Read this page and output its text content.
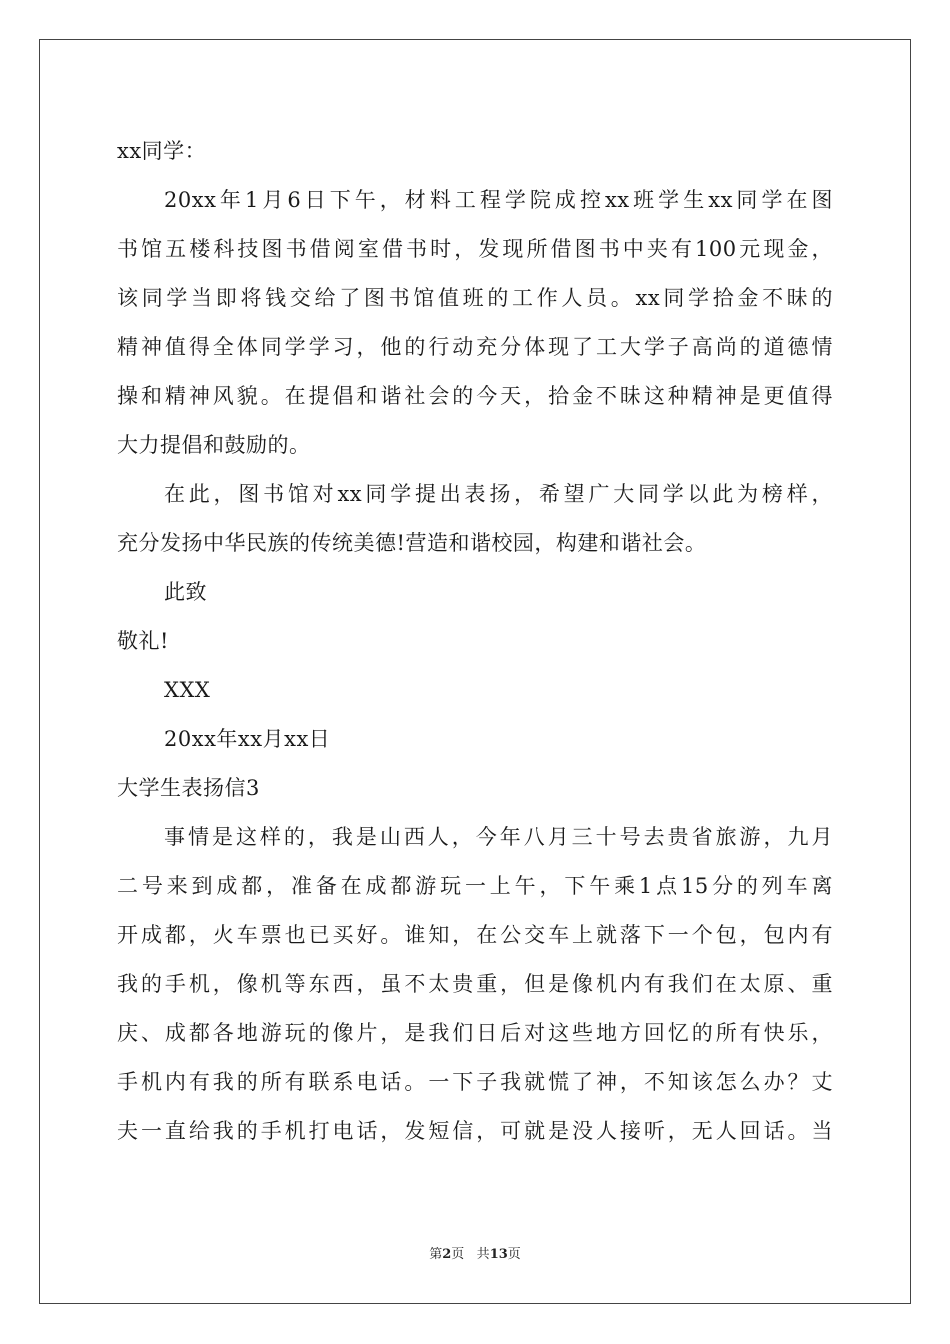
xx同学：
20xx年1月6日下午，材料工程学院成控xx班学生xx同学在图
书馆五楼科技图书借阅室借书时，发现所借图书中夹有100元现金，
该同学当即将钱交给了图书馆值班的工作人员。xx同学拾金不昧的
精神值得全体同学学习，他的行动充分体现了工大学子高尚的道德情
操和精神风貌。在提倡和谐社会的今天，拾金不昧这种精神是更值得
大力提倡和鼓励的。
在此，图书馆对xx同学提出表扬，希望广大同学以此为榜样，
充分发扬中华民族的传统美德!营造和谐校园，构建和谐社会。
此致
敬礼!
XXX
20xx年xx月xx日
大学生表扬信3
事情是这样的，我是山西人，今年八月三十号去贵省旅游，九月
二号来到成都，准备在成都游玩一上午，下午乘1点15分的列车离
开成都，火车票也已买好。谁知，在公交车上就落下一个包，包内有
我的手机，像机等东西，虽不太贵重，但是像机内有我们在太原、重
庆、成都各地游玩的像片，是我们日后对这些地方回忆的所有快乐，
手机内有我的所有联系电话。一下子我就慌了神，不知该怎么办？丈
夫一直给我的手机打电话，发短信，可就是没人接听，无人回话。当
第2页 共13页
